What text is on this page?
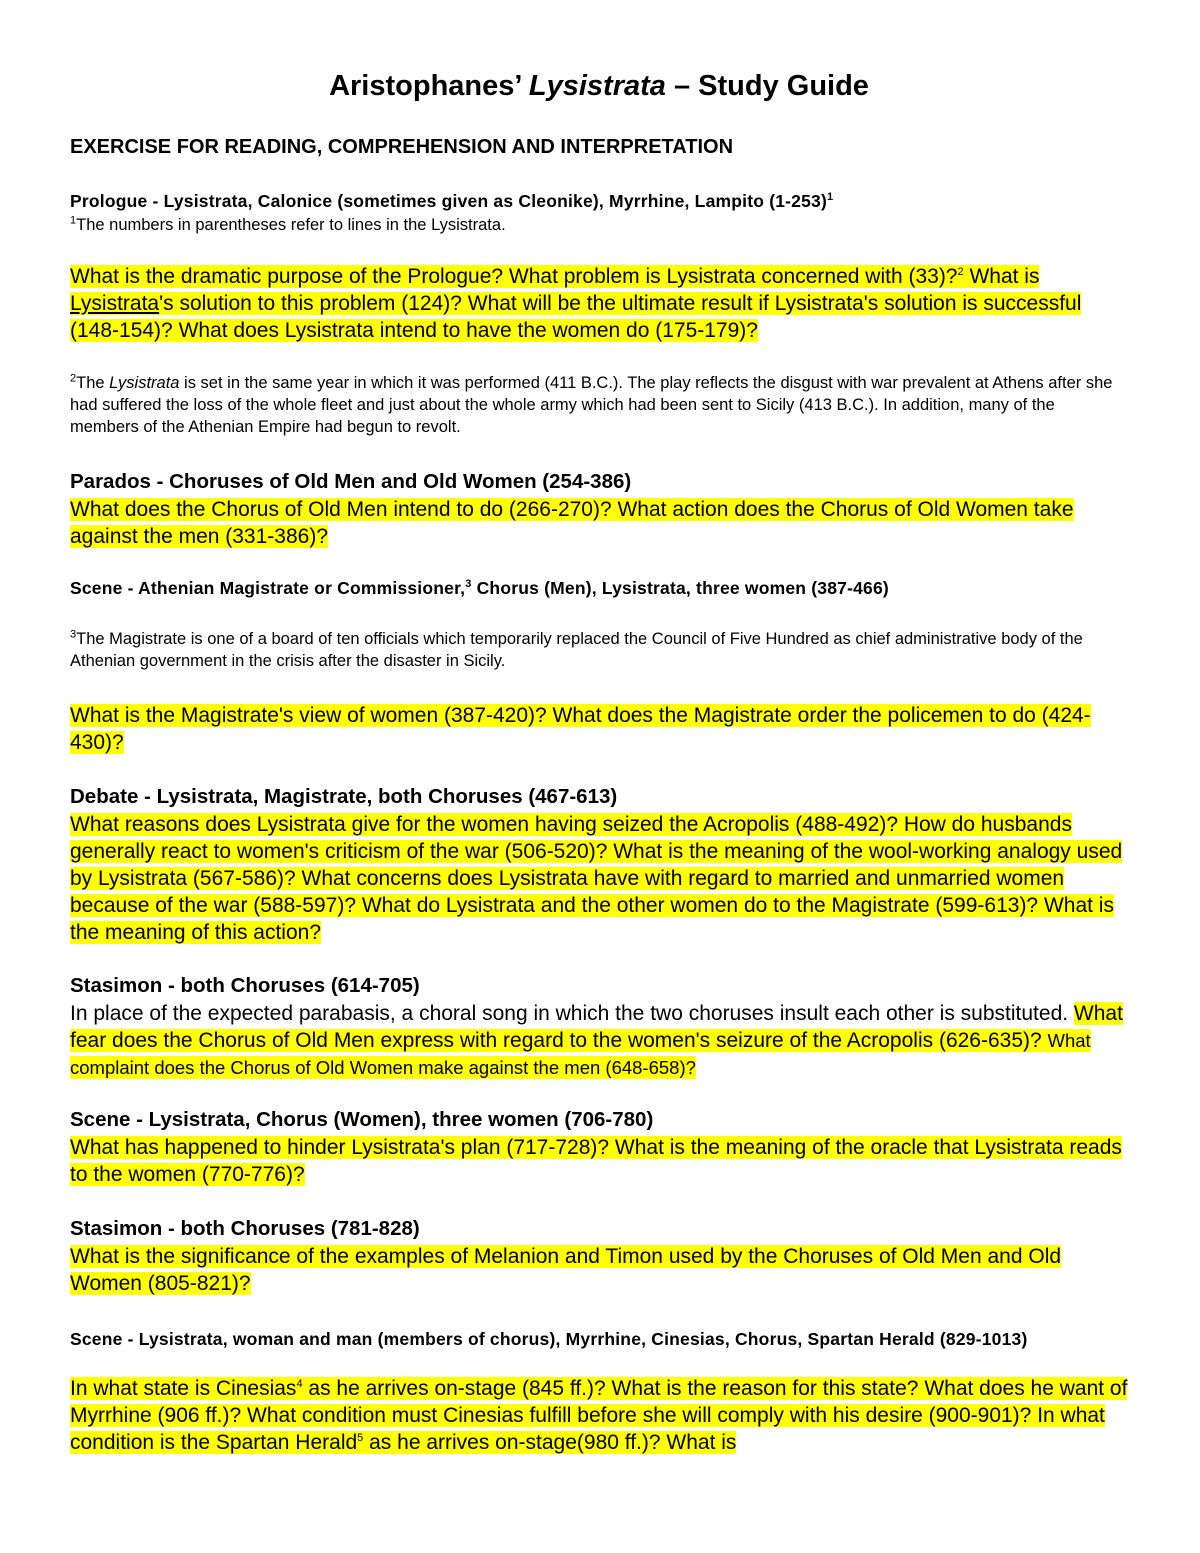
Aristophanes’ Lysistrata – Study Guide
EXERCISE FOR READING, COMPREHENSION AND INTERPRETATION
Prologue - Lysistrata, Calonice (sometimes given as Cleonike), Myrrhine, Lampito $(1-253)^1$
$^1$The numbers in parentheses refer to lines in the Lysistrata.
What is the dramatic purpose of the Prologue? What problem is Lysistrata concerned with (33)?$^2$ What is Lysistrata's solution to this problem (124)? What will be the ultimate result if Lysistrata's solution is successful (148-154)? What does Lysistrata intend to have the women do (175-179)?
$^2$The Lysistrata is set in the same year in which it was performed (411 B.C.). The play reflects the disgust with war prevalent at Athens after she had suffered the loss of the whole fleet and just about the whole army which had been sent to Sicily (413 B.C.). In addition, many of the members of the Athenian Empire had begun to revolt.
Parados - Choruses of Old Men and Old Women (254-386)
What does the Chorus of Old Men intend to do (266-270)? What action does the Chorus of Old Women take against the men (331-386)?
Scene - Athenian Magistrate or Commissioner,$^3$ Chorus (Men), Lysistrata, three women (387-466)
$^3$The Magistrate is one of a board of ten officials which temporarily replaced the Council of Five Hundred as chief administrative body of the Athenian government in the crisis after the disaster in Sicily.
What is the Magistrate's view of women (387-420)? What does the Magistrate order the policemen to do (424-430)?
Debate - Lysistrata, Magistrate, both Choruses (467-613)
What reasons does Lysistrata give for the women having seized the Acropolis (488-492)? How do husbands generally react to women's criticism of the war (506-520)? What is the meaning of the wool-working analogy used by Lysistrata (567-586)? What concerns does Lysistrata have with regard to married and unmarried women because of the war (588-597)? What do Lysistrata and the other women do to the Magistrate (599-613)? What is the meaning of this action?
Stasimon - both Choruses (614-705)
In place of the expected parabasis, a choral song in which the two choruses insult each other is substituted. What fear does the Chorus of Old Men express with regard to the women's seizure of the Acropolis (626-635)? What complaint does the Chorus of Old Women make against the men (648-658)?
Scene - Lysistrata, Chorus (Women), three women (706-780)
What has happened to hinder Lysistrata's plan (717-728)? What is the meaning of the oracle that Lysistrata reads to the women (770-776)?
Stasimon - both Choruses (781-828)
What is the significance of the examples of Melanion and Timon used by the Choruses of Old Men and Old Women (805-821)?
Scene - Lysistrata, woman and man (members of chorus), Myrrhine, Cinesias, Chorus, Spartan Herald (829-1013)
In what state is Cinesias$^4$ as he arrives on-stage (845 ff.)? What is the reason for this state? What does he want of Myrrhine (906 ff.)? What condition must Cinesias fulfill before she will comply with his desire (900-901)? In what condition is the Spartan Herald$^5$ as he arrives on-stage(980 ff.)? What is
